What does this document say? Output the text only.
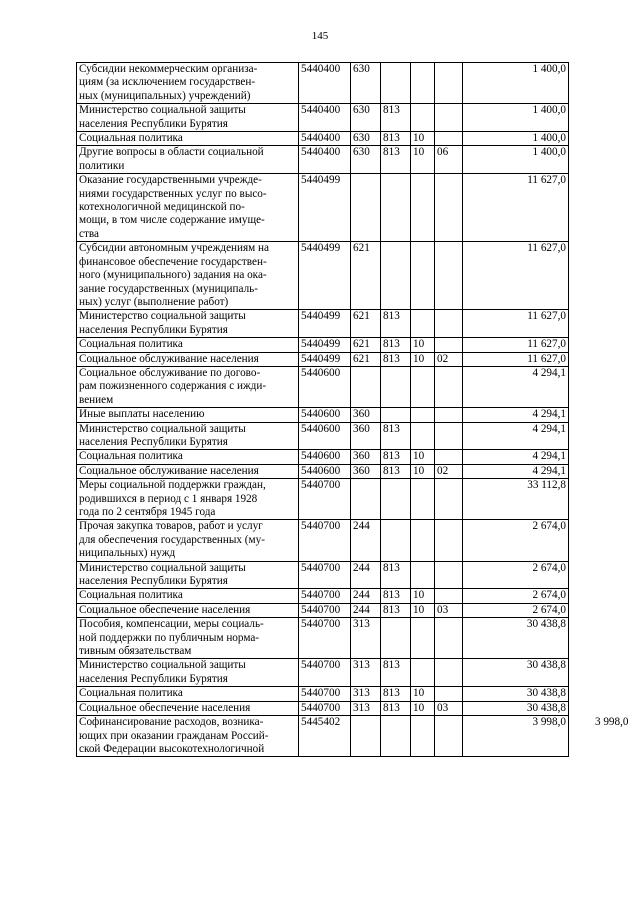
145
Субсидии некоммерческим организа-
циям (за исключением государствен-
ных (муниципальных) учреждений)	5440400	630				1 400,0	

Министерство социальной защиты
населения Республики Бурятия	5440400	630	813			1 400,0	

Социальная политика	5440400	630	813	10		1 400,0	

Другие вопросы в области социальной
политики	5440400	630	813	10	06	1 400,0	

Оказание государственными учрежде-
ниями государственных услуг по высо-
котехнологичной медицинской по-
мощи, в том числе содержание имуще-
ства	5440499					11 627,0	

Субсидии автономным учреждениям на
финансовое обеспечение государствен-
ного (муниципального) задания на ока-
зание государственных (муниципаль-
ных) услуг (выполнение работ)	5440499	621				11 627,0	

Министерство социальной защиты
населения Республики Бурятия	5440499	621	813			11 627,0	

Социальная политика	5440499	621	813	10		11 627,0	

Социальное обслуживание населения	5440499	621	813	10	02	11 627,0	

Социальное обслуживание по догово-
рам пожизненного содержания с ижди-
вением	5440600					4 294,1	

Иные выплаты населению	5440600	360				4 294,1	

Министерство социальной защиты
населения Республики Бурятия	5440600	360	813			4 294,1	

Социальная политика	5440600	360	813	10		4 294,1	

Социальное обслуживание населения	5440600	360	813	10	02	4 294,1	

Меры социальной поддержки граждан,
родившихся в период с 1 января 1928
года по 2 сентября 1945 года	5440700					33 112,8	

Прочая закупка товаров, работ и услуг
для обеспечения государственных (му-
ниципальных) нужд	5440700	244				2 674,0	

Министерство социальной защиты
населения Республики Бурятия	5440700	244	813			2 674,0	

Социальная политика	5440700	244	813	10		2 674,0	

Социальное обеспечение населения	5440700	244	813	10	03	2 674,0	

Пособия, компенсации, меры социаль-
ной поддержки по публичным норма-
тивным обязательствам	5440700	313				30 438,8	

Министерство социальной защиты
населения Республики Бурятия	5440700	313	813			30 438,8	

Социальная политика	5440700	313	813	10		30 438,8	

Социальное обеспечение населения	5440700	313	813	10	03	30 438,8	

Софинансирование расходов, возника-
ющих при оказании гражданам Россий-
ской Федерации высокотехнологичной	5445402					3 998,0	3 998,0
